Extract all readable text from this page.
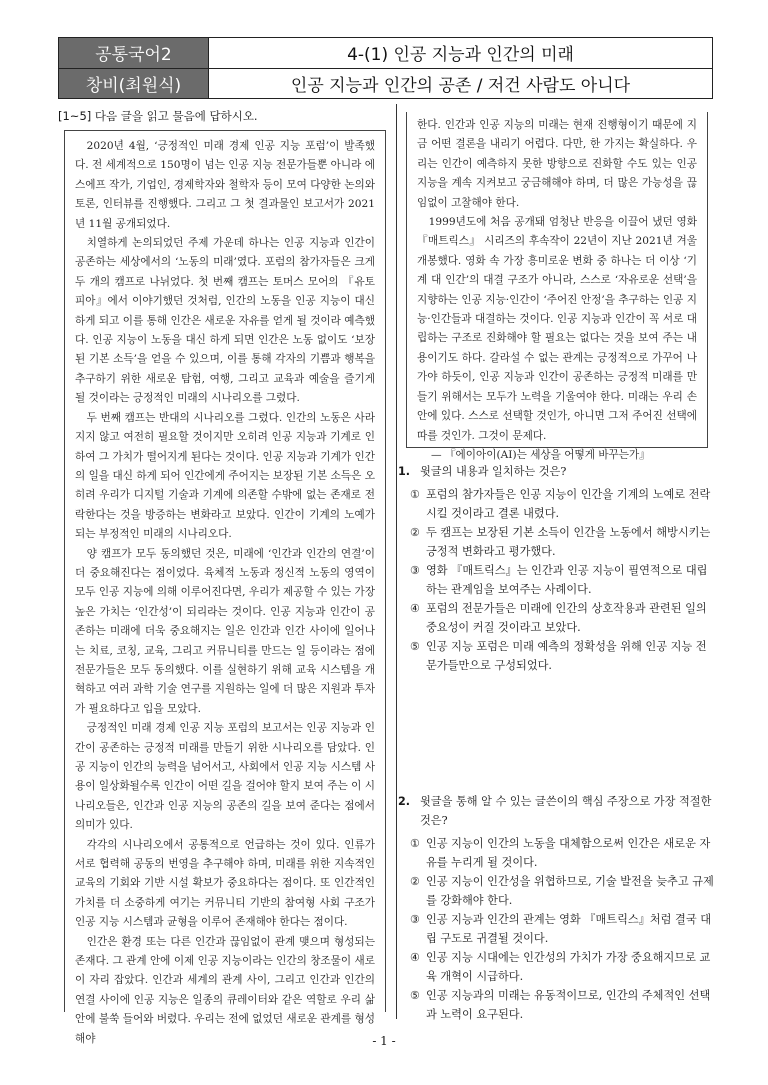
공통국어2
창비(최원식)
4-(1) 인공 지능과 인간의 미래
인공 지능과 인간의 공존 / 저건 사람도 아니다
[1~5] 다음 글을 읽고 물음에 답하시오.

2020년 4월, ‘긍정적인 미래 경제 인공 지능 포럼’이 발족했다. 전 세계적으로 150명이 넘는 인공 지능 전문가들뿐 아니라 에스에프 작가, 기업인, 경제학자와 철학자 등이 모여 다양한 논의와 토론, 인터뷰를 진행했다. 그리고 그 첫 결과물인 보고서가 2021년 11월 공개되었다.

치열하게 논의되었던 주제 가운데 하나는 인공 지능과 인간이 공존하는 세상에서의 ‘노동의 미래’였다. 포럼의 참가자들은 크게 두 개의 캠프로 나뉘었다. 첫 번째 캠프는 토머스 모어의 『유토피아』에서 이야기했던 것처럼, 인간의 노동을 인공 지능이 대신 하게 되고 이를 통해 인간은 새로운 자유를 얻게 될 것이라 예측했다. 인공 지능이 노동을 대신 하게 되면 인간은 노동 없이도 ‘보장된 기본 소득’을 얻을 수 있으며, 이를 통해 각자의 기쁨과 행복을 추구하기 위한 새로운 탐험, 여행, 그리고 교육과 예술을 즐기게 될 것이라는 긍정적인 미래의 시나리오를 그렸다.

두 번째 캠프는 반대의 시나리오를 그렸다. 인간의 노동은 사라지지 않고 여전히 필요할 것이지만 오히려 인공 지능과 기계로 인하여 그 가치가 떨어지게 된다는 것이다. 인공 지능과 기계가 인간의 일을 대신 하게 되어 인간에게 주어지는 보장된 기본 소득은 오히려 우리가 디지털 기술과 기계에 의존할 수밖에 없는 존재로 전락한다는 것을 방증하는 변화라고 보았다. 인간이 기계의 노예가 되는 부정적인 미래의 시나리오다.

양 캠프가 모두 동의했던 것은, 미래에 ‘인간과 인간의 연결’이 더 중요해진다는 점이었다. 육체적 노동과 정신적 노동의 영역이 모두 인공 지능에 의해 이루어진다면, 우리가 제공할 수 있는 가장 높은 가치는 ‘인간성’이 되리라는 것이다. 인공 지능과 인간이 공존하는 미래에 더욱 중요해지는 일은 인간과 인간 사이에 일어나는 치료, 코칭, 교육, 그리고 커뮤니티를 만드는 일 등이라는 점에 전문가들은 모두 동의했다. 이를 실현하기 위해 교육 시스템을 개혁하고 여러 과학 기술 연구를 지원하는 일에 더 많은 지원과 투자가 필요하다고 입을 모았다.

긍정적인 미래 경제 인공 지능 포럼의 보고서는 인공 지능과 인간이 공존하는 긍정적 미래를 만들기 위한 시나리오를 담았다. 인공 지능이 인간의 능력을 넘어서고, 사회에서 인공 지능 시스템 사용이 일상화될수록 인간이 어떤 길을 걸어야 할지 보여 주는 이 시나리오들은, 인간과 인공 지능의 공존의 길을 보여 준다는 점에서 의미가 있다.

각각의 시나리오에서 공통적으로 언급하는 것이 있다. 인류가 서로 협력해 공동의 번영을 추구해야 하며, 미래를 위한 지속적인 교육의 기회와 기반 시설 확보가 중요하다는 점이다. 또 인간적인 가치를 더 소중하게 여기는 커뮤니티 기반의 참여형 사회 구조가 인공 지능 시스템과 균형을 이루어 존재해야 한다는 점이다.

인간은 환경 또는 다른 인간과 끊임없이 관계 맺으며 형성되는 존재다. 그 관계 안에 이제 인공 지능이라는 인간의 창조물이 새로이 자리 잡았다. 인간과 세계의 관계 사이, 그리고 인간과 인간의 연결 사이에 인공 지능은 일종의 큐레이터와 같은 역할로 우리 삶 안에 불쑥 들어와 버렸다. 우리는 전에 없었던 새로운 관계를 형성해야

한다. 인간과 인공 지능의 미래는 현재 진행형이기 때문에 지금 어떤 결론을 내리기 어렵다. 다만, 한 가지는 확실하다. 우리는 인간이 예측하지 못한 방향으로 진화할 수도 있는 인공 지능을 계속 지켜보고 궁금해해야 하며, 더 많은 가능성을 끊임없이 고찰해야 한다.

1999년도에 처음 공개돼 엄청난 반응을 이끌어 냈던 영화 『매트릭스』 시리즈의 후속작이 22년이 지난 2021년 겨울 개봉했다. 영화 속 가장 흥미로운 변화 중 하나는 더 이상 ‘기계 대 인간’의 대결 구조가 아니라, 스스로 ‘자유로운 선택’을 지향하는 인공 지능·인간이 ‘주어진 안정’을 추구하는 인공 지능·인간들과 대결하는 것이다. 인공 지능과 인간이 꼭 서로 대립하는 구조로 진화해야 할 필요는 없다는 것을 보여 주는 내용이기도 하다. 갈라설 수 없는 관계는 긍정적으로 가꾸어 나가야 하듯이, 인공 지능과 인간이 공존하는 긍정적 미래를 만들기 위해서는 모두가 노력을 기울여야 한다. 미래는 우리 손안에 있다. 스스로 선택할 것인가, 아니면 그저 주어진 선택에 따를 것인가. 그것이 문제다.

— 『에이아이(AI)는 세상을 어떻게 바꾸는가』

1. 윗글의 내용과 일치하는 것은?
① 포럼의 참가자들은 인공 지능이 인간을 기계의 노예로 전락시킬 것이라고 결론 내렸다.
② 두 캠프는 보장된 기본 소득이 인간을 노동에서 해방시키는 긍정적 변화라고 평가했다.
③ 영화 『매트릭스』는 인간과 인공 지능이 필연적으로 대립하는 관계임을 보여주는 사례이다.
④ 포럼의 전문가들은 미래에 인간의 상호작용과 관련된 일의 중요성이 커질 것이라고 보았다.
⑤ 인공 지능 포럼은 미래 예측의 정확성을 위해 인공 지능 전문가들만으로 구성되었다.
2. 윗글을 통해 알 수 있는 글쓴이의 핵심 주장으로 가장 적절한 것은?
① 인공 지능이 인간의 노동을 대체함으로써 인간은 새로운 자유를 누리게 될 것이다.
② 인공 지능이 인간성을 위협하므로, 기술 발전을 늦추고 규제를 강화해야 한다.
③ 인공 지능과 인간의 관계는 영화 『매트릭스』처럼 결국 대립 구도로 귀결될 것이다.
④ 인공 지능 시대에는 인간성의 가치가 가장 중요해지므로 교육 개혁이 시급하다.
⑤ 인공 지능과의 미래는 유동적이므로, 인간의 주체적인 선택과 노력이 요구된다.
- 1 -
